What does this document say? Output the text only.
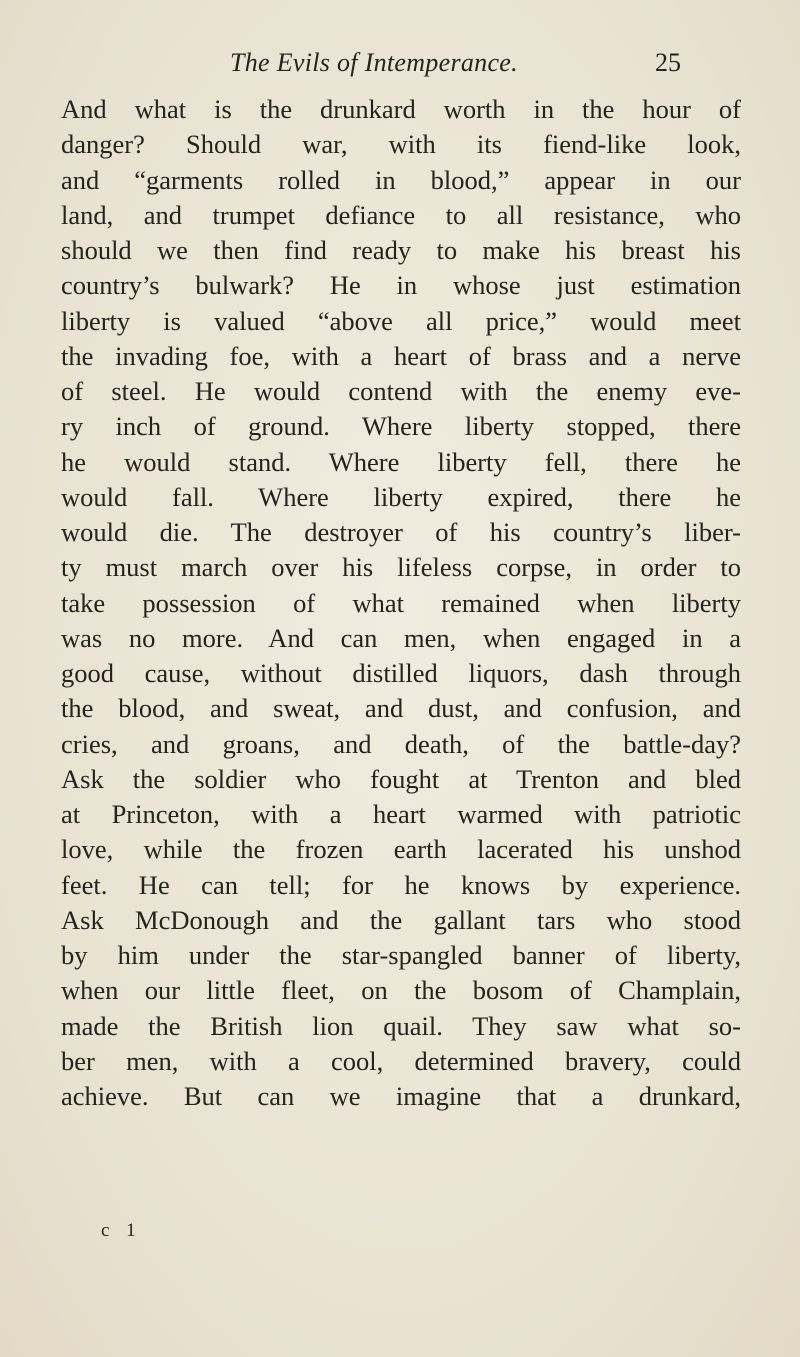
The Evils of Intemperance.	25
And what is the drunkard worth in the hour of
danger? Should war, with its fiend-like look,
and “garments rolled in blood,” appear in our
land, and trumpet defiance to all resistance, who
should we then find ready to make his breast his
country’s bulwark? He in whose just estimation
liberty is valued “above all price,” would meet
the invading foe, with a heart of brass and a nerve
of steel. He would contend with the enemy eve-
ry inch of ground. Where liberty stopped, there
he would stand. Where liberty fell, there he
would fall. Where liberty expired, there he
would die. The destroyer of his country’s liber-
ty must march over his lifeless corpse, in order to
take possession of what remained when liberty
was no more. And can men, when engaged in a
good cause, without distilled liquors, dash through
the blood, and sweat, and dust, and confusion, and
cries, and groans, and death, of the battle-day?
Ask the soldier who fought at Trenton and bled
at Princeton, with a heart warmed with patriotic
love, while the frozen earth lacerated his unshod
feet. He can tell; for he knows by experience.
Ask McDonough and the gallant tars who stood
by him under the star-spangled banner of liberty,
when our little fleet, on the bosom of Champlain,
made the British lion quail. They saw what so-
ber men, with a cool, determined bravery, could
achieve. But can we imagine that a drunkard,
c 1
